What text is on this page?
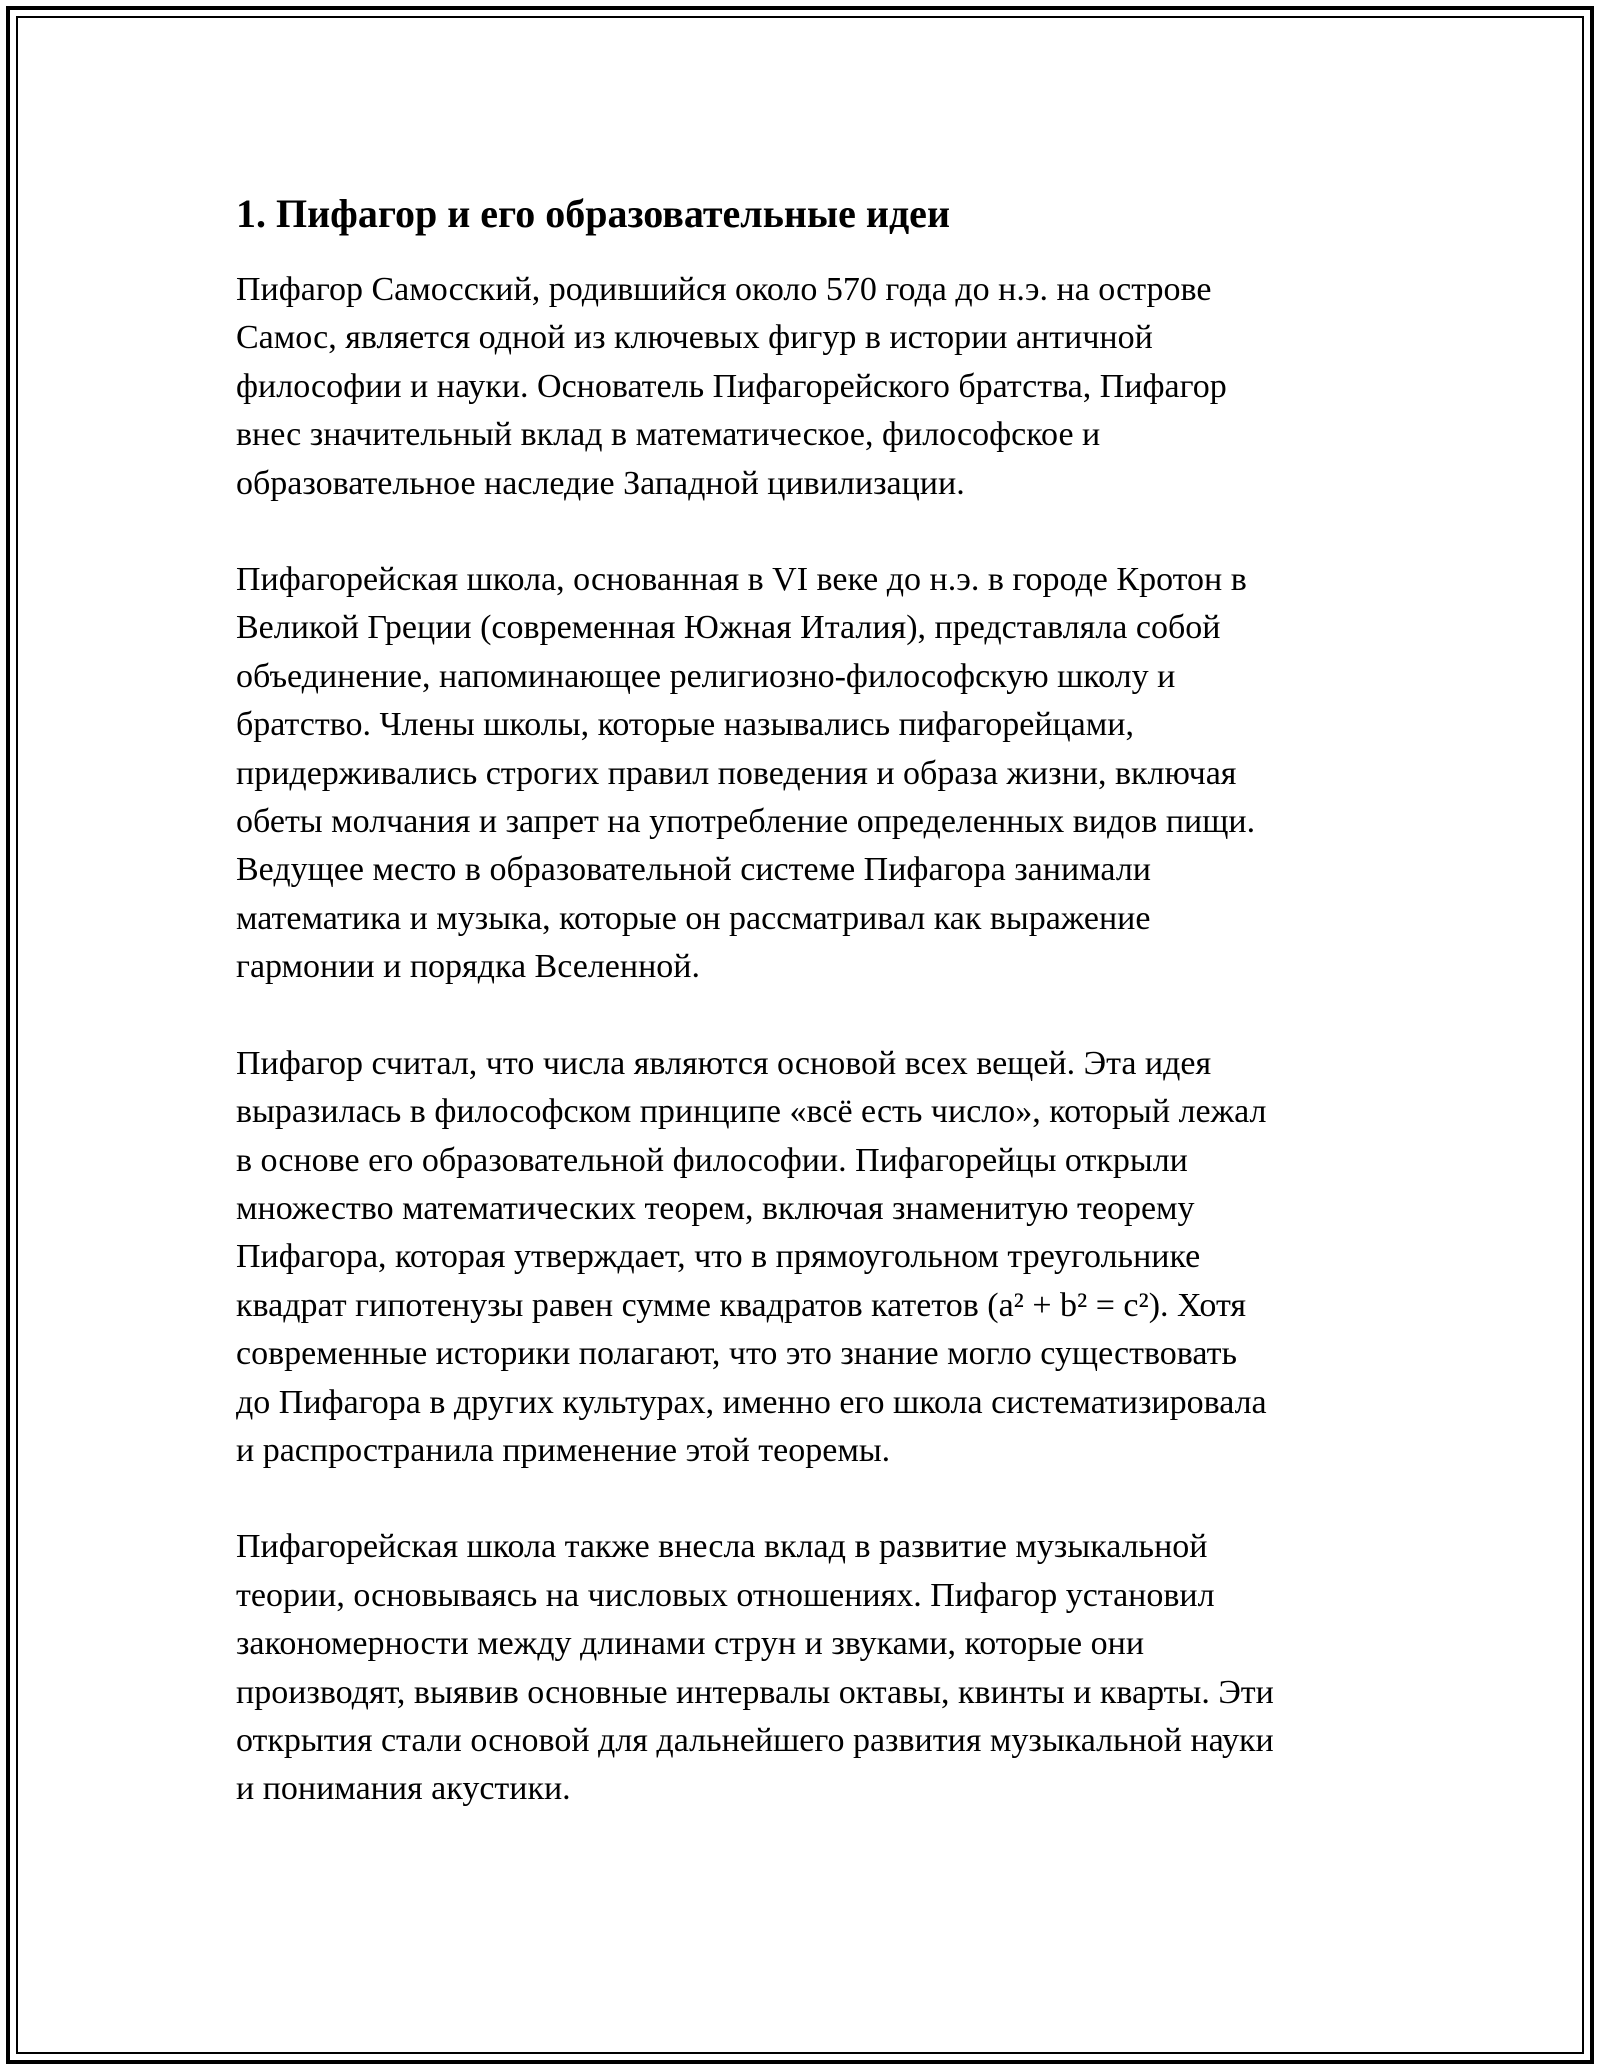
1. Пифагор и его образовательные идеи
Пифагор Самосский, родившийся около 570 года до н.э. на острове
Самос, является одной из ключевых фигур в истории античной
философии и науки. Основатель Пифагорейского братства, Пифагор
внес значительный вклад в математическое, философское и
образовательное наследие Западной цивилизации.
Пифагорейская школа, основанная в VI веке до н.э. в городе Кротон в
Великой Греции (современная Южная Италия), представляла собой
объединение, напоминающее религиозно-философскую школу и
братство. Члены школы, которые назывались пифагорейцами,
придерживались строгих правил поведения и образа жизни, включая
обеты молчания и запрет на употребление определенных видов пищи.
Ведущее место в образовательной системе Пифагора занимали
математика и музыка, которые он рассматривал как выражение
гармонии и порядка Вселенной.
Пифагор считал, что числа являются основой всех вещей. Эта идея
выразилась в философском принципе «всё есть число», который лежал
в основе его образовательной философии. Пифагорейцы открыли
множество математических теорем, включая знаменитую теорему
Пифагора, которая утверждает, что в прямоугольном треугольнике
квадрат гипотенузы равен сумме квадратов катетов (a² + b² = c²). Хотя
современные историки полагают, что это знание могло существовать
до Пифагора в других культурах, именно его школа систематизировала
и распространила применение этой теоремы.
Пифагорейская школа также внесла вклад в развитие музыкальной
теории, основываясь на числовых отношениях. Пифагор установил
закономерности между длинами струн и звуками, которые они
производят, выявив основные интервалы октавы, квинты и кварты. Эти
открытия стали основой для дальнейшего развития музыкальной науки
и понимания акустики.
